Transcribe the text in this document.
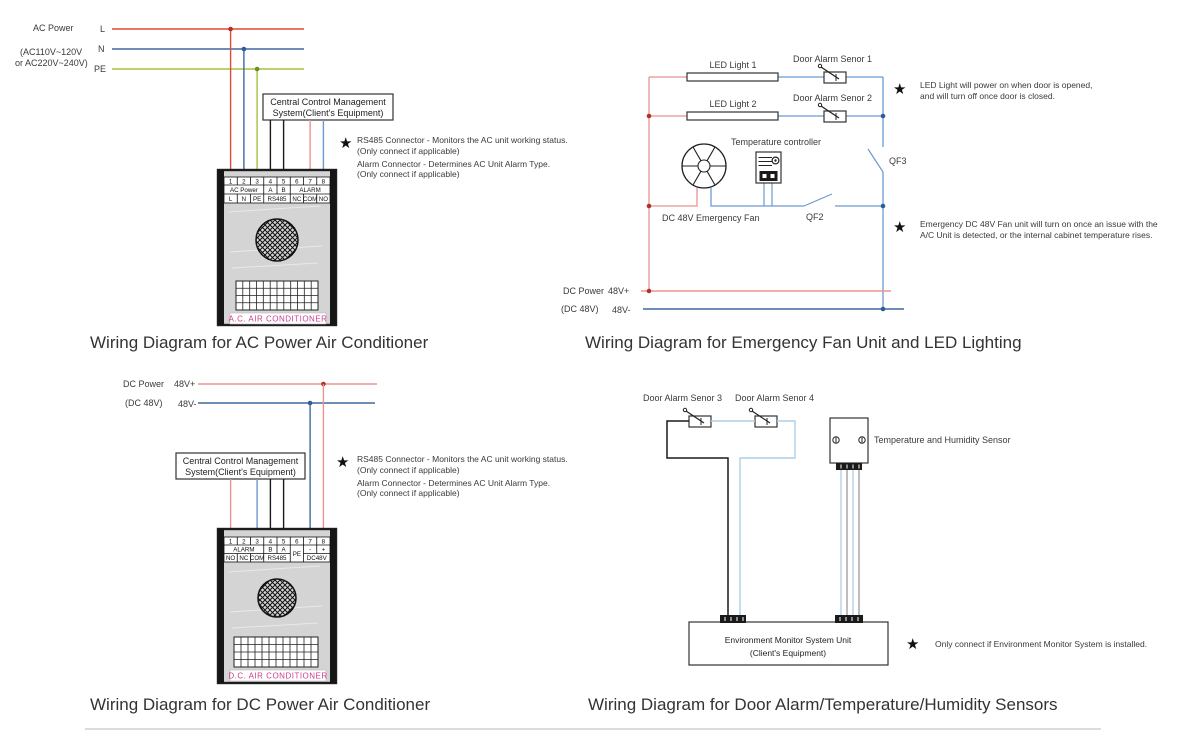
AC Power
(AC110V~120V
or AC220V~240V)
L
N
PE
Central Control Management
System(Client's Equipment)
★ RS485 Connector - Monitors the AC unit working status.
(Only connect if applicable)
Alarm Connector - Determines AC Unit Alarm Type.
(Only connect if applicable)
1 2 3 4 5 6 7 8
AC Power A B ALARM
L N PE RS485 NC COM NO
A.C. AIR CONDITIONER
Wiring Diagram for AC Power Air Conditioner
LED Light 1
LED Light 2
Door Alarm Senor 1
Door Alarm Senor 2
DC 48V Emergency Fan
Temperature controller
QF3
QF2
DC Power 48V+
(DC 48V) 48V-
★ LED Light will power on when door is opened,
and will turn off once door is closed.
★ Emergency DC 48V Fan unit will turn on once an issue with the
A/C Unit is detected, or the internal cabinet temperature rises.
Wiring Diagram for Emergency Fan Unit and LED Lighting
DC Power 48V+
(DC 48V) 48V-
Central Control Management
System(Client's Equipment)
★ RS485 Connector - Monitors the AC unit working status.
(Only connect if applicable)
Alarm Connector - Determines AC Unit Alarm Type.
(Only connect if applicable)
1 2 3 4 5 6 7 8
ALARM B A
PE
- +
NO NC COM RS485	DC48V
D.C. AIR CONDITIONER
Wiring Diagram for DC Power Air Conditioner
Door Alarm Senor 3 Door Alarm Senor 4
Temperature and Humidity Sensor
Environment Monitor System Unit
(Client's Equipment)	★ Only connect if Environment Monitor System is installed.
Wiring Diagram for Door Alarm/Temperature/Humidity Sensors
